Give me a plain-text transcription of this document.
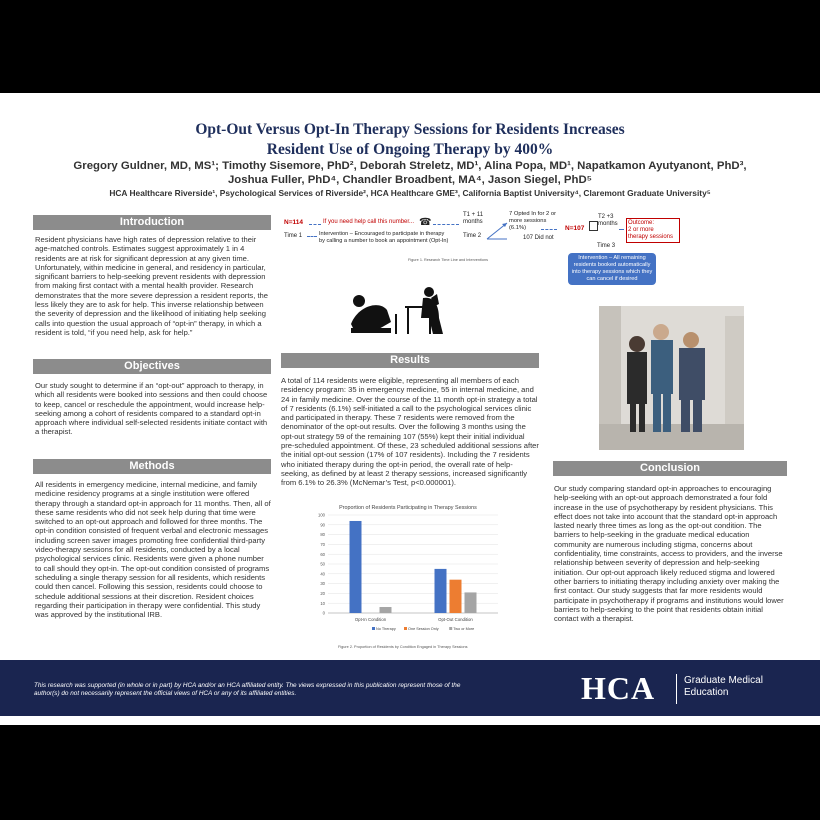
Opt-Out Versus Opt-In Therapy Sessions for Residents Increases
Resident Use of Ongoing Therapy by 400%
Gregory Guldner, MD, MS¹; Timothy Sisemore, PhD², Deborah Streletz, MD¹, Alina Popa, MD¹, Napatkamon Ayutyanont, PhD³,
Joshua Fuller, PhD⁴, Chandler Broadbent, MA⁴, Jason Siegel, PhD⁵
HCA Healthcare Riverside¹, Psychological Services of Riverside², HCA Healthcare GME³, California Baptist University⁴, Claremont Graduate University⁵
Introduction
Resident physicians have high rates of depression relative to their age-matched controls. Estimates suggest approximately 1 in 4 residents are at risk for significant depression at any given time. Unfortunately, within medicine in general, and residency in particular, significant barriers to help-seeking prevent residents with depression from making first contact with a mental health provider. Research demonstrates that the more severe depression a resident reports, the less likely they are to ask for help. This inverse relationship between the severity of depression and the likelihood of initiating help seeking calls into question the usual approach of “opt-in” therapy, in which a resident is told, “if you need help, ask for help.”
Objectives
Our study sought to determine if an “opt-out” approach to therapy, in which all residents were booked into sessions and then could choose to keep, cancel or reschedule the appointment, would increase help-seeking among a cohort of residents compared to a standard opt-in approach where individual self-selected residents initiate contact with a therapist.
Methods
All residents in emergency medicine, internal medicine, and family medicine residency programs at a single institution were offered therapy through a standard opt-in approach for 11 months. Then, all of these same residents who did not seek help during that time were switched to an opt-out approach and followed for three months. The opt-in condition consisted of frequent verbal and electronic messages including screen saver images promoting free confidential third-party video-therapy sessions for all residents, conducted by a local psychological services clinic. Residents were given a phone number to call should they opt-in. The opt-out condition consisted of programs scheduling a single therapy session for all residents, which residents could then cancel. Following this session, residents could choose to schedule additional sessions at their discretion. Resident choices regarding their participation in therapy were confidential. This study was approved by the institutional IRB.
N=114	If you need help call this number... ☎
Time 1	Intervention – Encouraged to participate in therapy by calling a number to book an appointment (Opt-In)
T1 + 11
months
Time 2
7 Opted In for 2 or more sessions (6.1%)
107 Did not
N=107
T2 +3
months Outcome:
2 or more
therapy sessions
Time 3
Intervention – All remaining residents booked automatically into therapy sessions which they can cancel if desired
Figure 1. Research Time Line and Interventions
Results
A total of 114 residents were eligible, representing all members of each residency program: 35 in emergency medicine, 55 in internal medicine, and 24 in family medicine. Over the course of the 11 month opt-in strategy a total of 7 residents (6.1%) self-initiated a call to the psychological services clinic and participated in therapy. These 7 residents were removed from the denominator of the opt-out results. Over the following 3 months using the opt-out strategy 59 of the remaining 107 (55%) kept their initial individual pre-scheduled appointment. Of these, 23 scheduled additional sessions after the initial opt-out session (17% of 107 residents). Including the 7 residents who initiated therapy during the opt-in period, the overall rate of help-seeking, as defined by at least 2 therapy sessions, increased significantly from 6.1% to 26.3% (McNemar’s Test, p<0.000001).
Proportion of Residents Participating in Therapy Sessions
0
10
20
30
40
50
60
70
80
90
100
Opt-In Condition	Opt-Out Condition
No Therapy	One Session Only	Two or More
Figure 2. Proportion of Residents by Condition Engaged in Therapy Sessions
Conclusion
Our study comparing standard opt-in approaches to encouraging help-seeking with an opt-out approach demonstrated a four fold increase in the use of psychotherapy by resident physicians. This effect does not take into account that the standard opt-in approach lasted nearly three times as long as the opt-out condition. The barriers to help-seeking in the graduate medical education community are numerous including stigma, concerns about confidentiality, time constraints, access to providers, and the inverse relationship between severity of depression and help-seeking initiation. Our opt-out approach likely reduced stigma and lowered other barriers to initiating therapy including anxiety over making the first contact. Our study suggests that far more residents would participate in psychotherapy if programs and institutions would lower barriers to help-seeking to the point that residents obtain initial contact with a therapist.
This research was supported (in whole or in part) by HCA and/or an HCA affiliated entity. The views expressed in this publication represent those of the author(s) do not necessarily represent the official views of HCA or any of its affiliated entities.	HCA	Graduate Medical
Education
